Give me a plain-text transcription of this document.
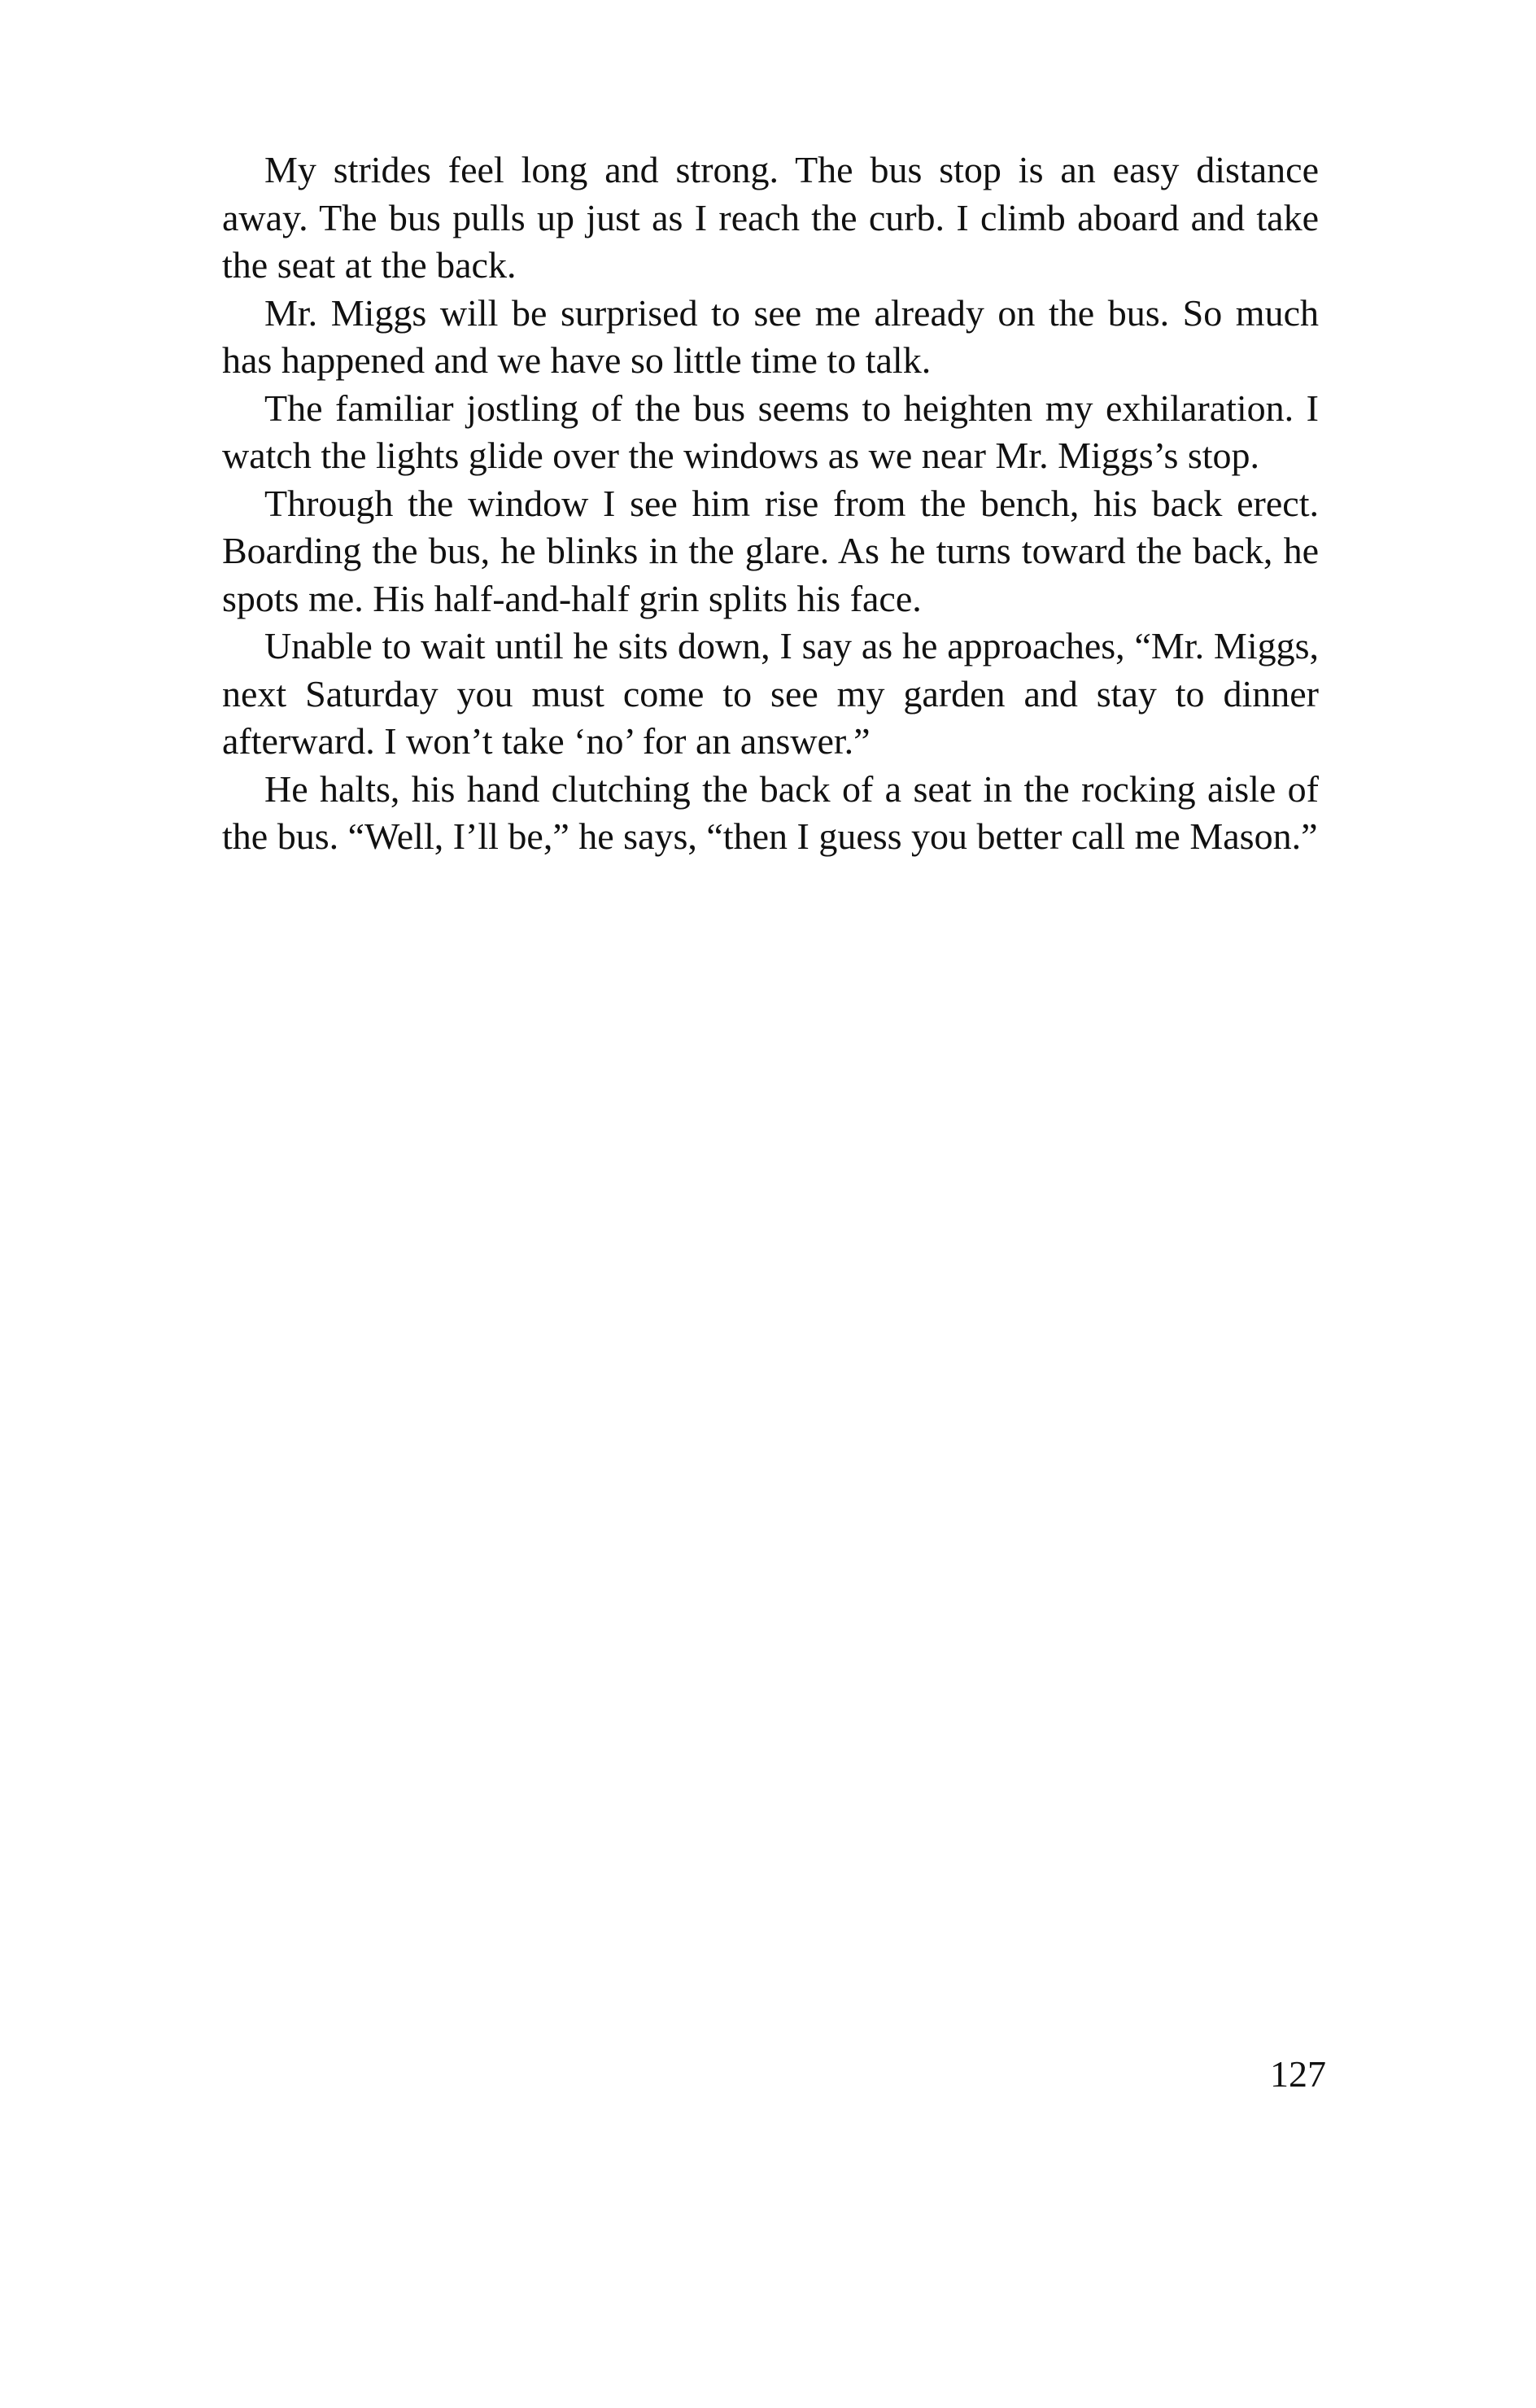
My strides feel long and strong. The bus stop is an easy distance away. The bus pulls up just as I reach the curb. I climb aboard and take the seat at the back.

Mr. Miggs will be surprised to see me already on the bus. So much has happened and we have so little time to talk.

The familiar jostling of the bus seems to heighten my exhilaration. I watch the lights glide over the windows as we near Mr. Miggs’s stop.

Through the window I see him rise from the bench, his back erect. Boarding the bus, he blinks in the glare. As he turns toward the back, he spots me. His half-and-half grin splits his face.

Unable to wait until he sits down, I say as he approaches, “Mr. Miggs, next Saturday you must come to see my garden and stay to dinner afterward. I won’t take ‘no’ for an answer.”

He halts, his hand clutching the back of a seat in the rocking aisle of the bus. “Well, I’ll be,” he says, “then I guess you better call me Mason.”

127
